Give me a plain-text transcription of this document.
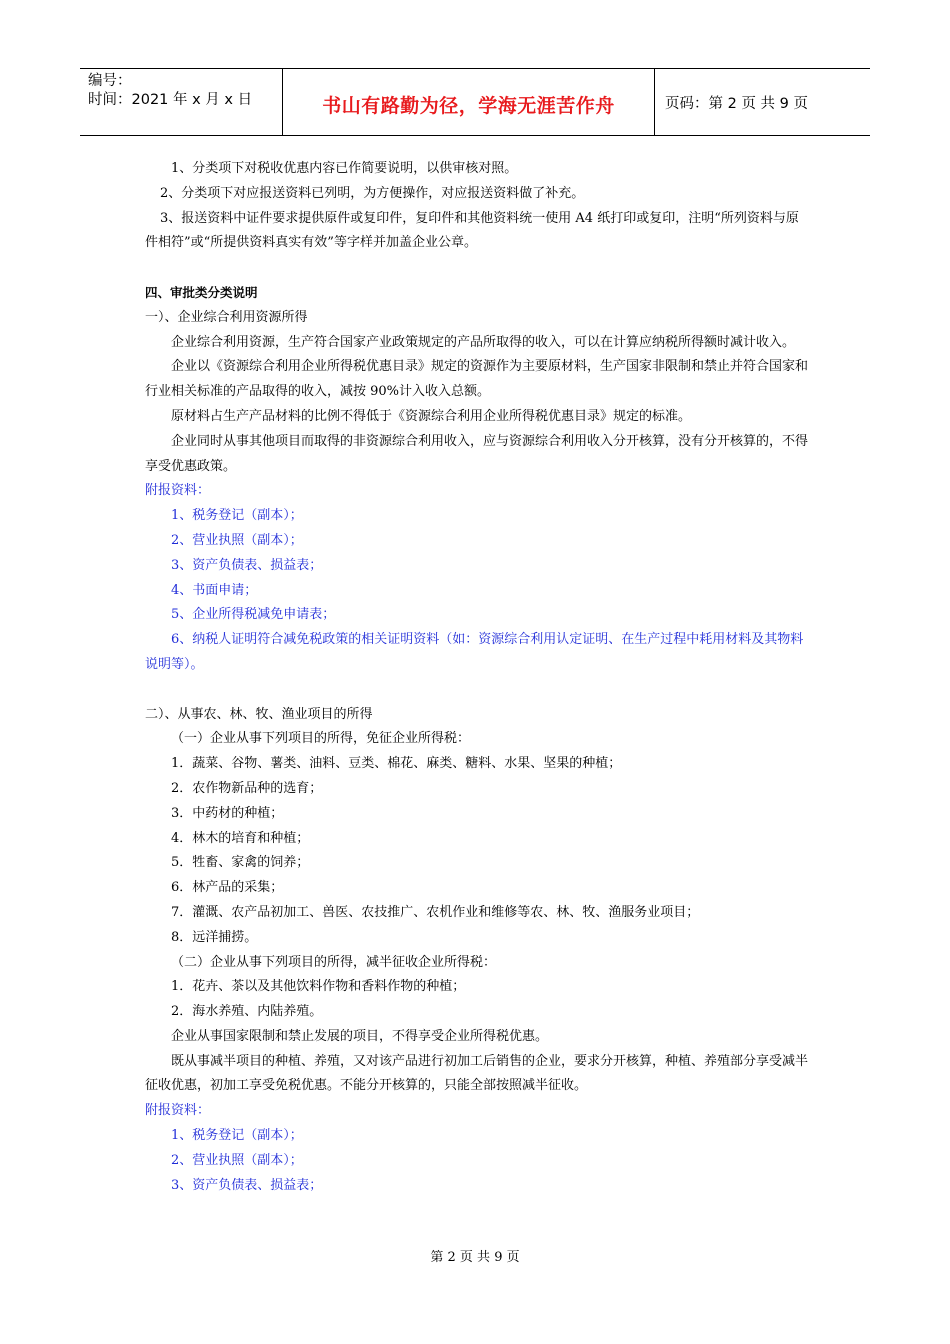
编号：
时间：2021 年 x 月 x 日	书山有路勤为径，学海无涯苦作舟	页码：第 2 页 共 9 页

1、分类项下对税收优惠内容已作简要说明，以供审核对照。

2、分类项下对应报送资料已列明，为方便操作，对应报送资料做了补充。

3、报送资料中证件要求提供原件或复印件，复印件和其他资料统一使用 A4 纸打印或复印，注明“所列资料与原件相符”或“所提供资料真实有效”等字样并加盖企业公章。

四、审批类分类说明

一）、企业综合利用资源所得

企业综合利用资源，生产符合国家产业政策规定的产品所取得的收入，可以在计算应纳税所得额时减计收入。

企业以《资源综合利用企业所得税优惠目录》规定的资源作为主要原材料，生产国家非限制和禁止并符合国家和行业相关标准的产品取得的收入，减按 90%计入收入总额。

原材料占生产产品材料的比例不得低于《资源综合利用企业所得税优惠目录》规定的标准。

企业同时从事其他项目而取得的非资源综合利用收入，应与资源综合利用收入分开核算，没有分开核算的，不得享受优惠政策。

附报资料：

1、税务登记（副本）；

2、营业执照（副本）；

3、资产负债表、损益表；

4、书面申请；

5、企业所得税减免申请表；

6、纳税人证明符合减免税政策的相关证明资料（如：资源综合利用认定证明、在生产过程中耗用材料及其物料说明等）。

二）、从事农、林、牧、渔业项目的所得

（一）企业从事下列项目的所得，免征企业所得税：

1．蔬菜、谷物、薯类、油料、豆类、棉花、麻类、糖料、水果、坚果的种植；

2．农作物新品种的选育；

3．中药材的种植；

4．林木的培育和种植；

5．牲畜、家禽的饲养；

6．林产品的采集；

7．灌溉、农产品初加工、兽医、农技推广、农机作业和维修等农、林、牧、渔服务业项目；

8．远洋捕捞。

（二）企业从事下列项目的所得，减半征收企业所得税：

1．花卉、茶以及其他饮料作物和香料作物的种植；

2．海水养殖、内陆养殖。

企业从事国家限制和禁止发展的项目，不得享受企业所得税优惠。

既从事减半项目的种植、养殖，又对该产品进行初加工后销售的企业，要求分开核算，种植、养殖部分享受减半征收优惠，初加工享受免税优惠。不能分开核算的，只能全部按照减半征收。

附报资料：

1、税务登记（副本）；

2、营业执照（副本）；

3、资产负债表、损益表；

第 2 页 共 9 页
